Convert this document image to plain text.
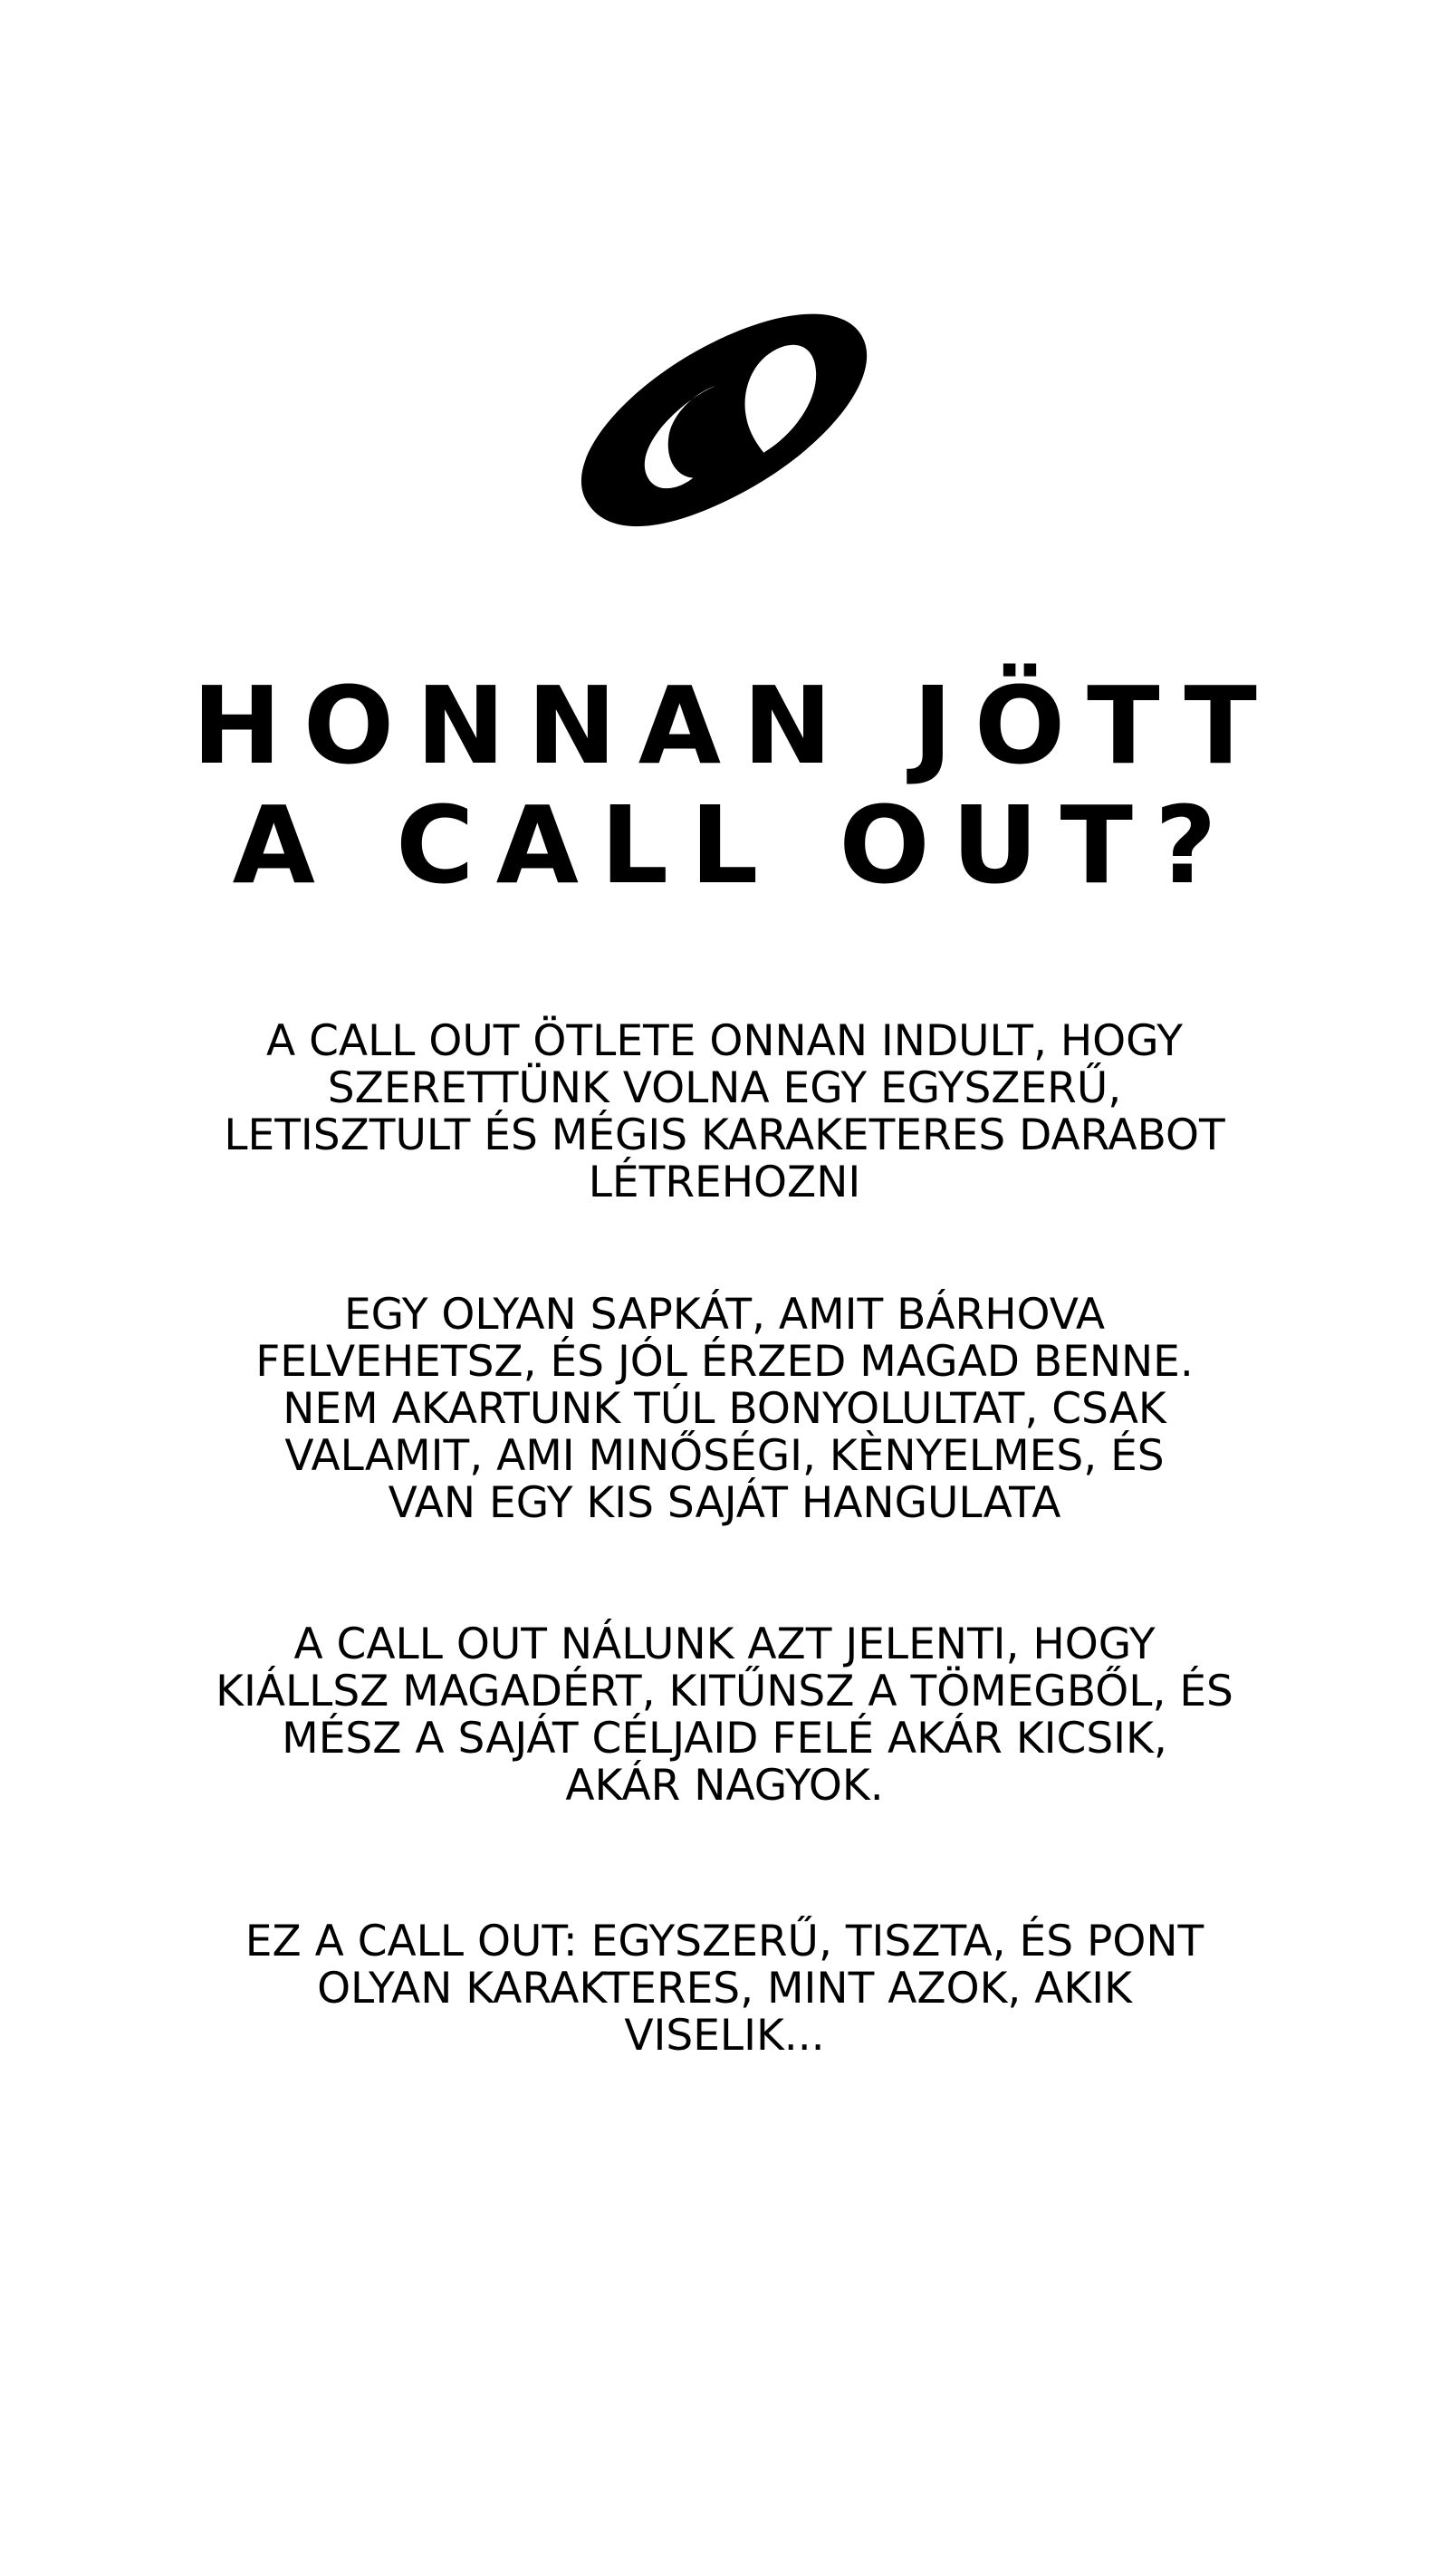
HONNAN JÖTT
A CALL OUT?

A CALL OUT ÖTLETE ONNAN INDULT, HOGY
SZERETTÜNK VOLNA EGY EGYSZERŰ,
LETISZTULT ÉS MÉGIS KARAKETERES DARABOT
LÉTREHOZNI

EGY OLYAN SAPKÁT, AMIT BÁRHOVA
FELVEHETSZ, ÉS JÓL ÉRZED MAGAD BENNE.
NEM AKARTUNK TÚL BONYOLULTAT, CSAK
VALAMIT, AMI MINŐSÉGI, KÈNYELMES, ÉS
VAN EGY KIS SAJÁT HANGULATA

A CALL OUT NÁLUNK AZT JELENTI, HOGY
KIÁLLSZ MAGADÉRT, KITŰNSZ A TÖMEGBŐL, ÉS
MÉSZ A SAJÁT CÉLJAID FELÉ AKÁR KICSIK,
AKÁR NAGYOK.

EZ A CALL OUT: EGYSZERŰ, TISZTA, ÉS PONT
OLYAN KARAKTERES, MINT AZOK, AKIK
VISELIK...
